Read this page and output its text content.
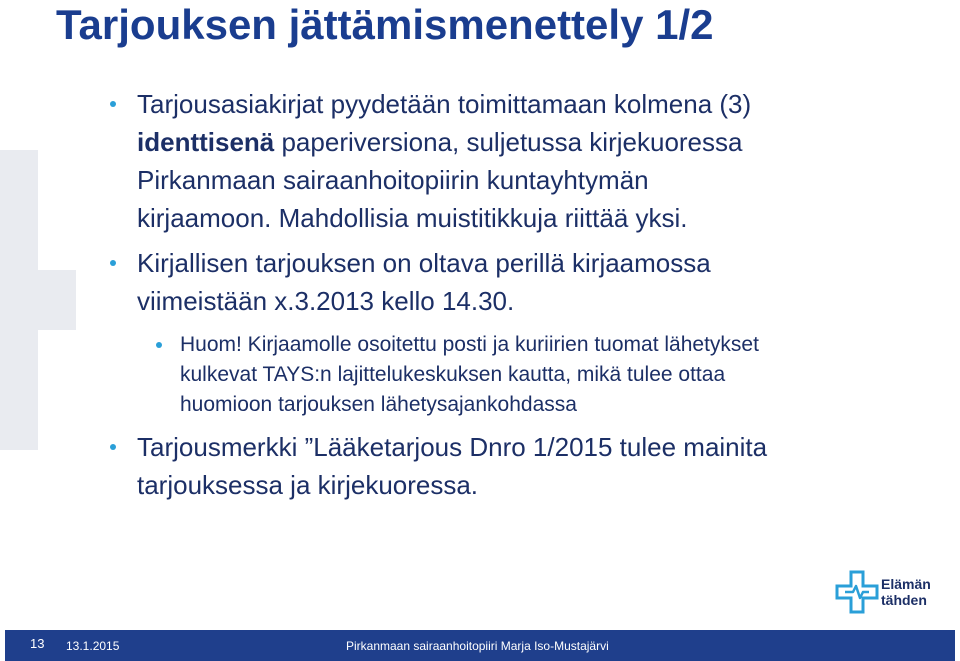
Tarjouksen jättämismenettely 1/2
Tarjousasiakirjat pyydetään toimittamaan kolmena (3)
identtisenä paperiversiona, suljetussa kirjekuoressa
Pirkanmaan sairaanhoitopiirin kuntayhtymän
kirjaamoon. Mahdollisia muistitikkuja riittää yksi.
Kirjallisen tarjouksen on oltava perillä kirjaamossa
viimeistään x.3.2013 kello 14.30.
Huom! Kirjaamolle osoitettu posti ja kuriirien tuomat lähetykset
kulkevat TAYS:n lajittelukeskuksen kautta, mikä tulee ottaa
huomioon tarjouksen lähetysajankohdassa
Tarjousmerkki ”Lääketarjous Dnro 1/2015 tulee mainita
tarjouksessa ja kirjekuoressa.
Elämän
tähden
13 13.1.2015	Pirkanmaan sairaanhoitopiiri Marja Iso-Mustajärvi
